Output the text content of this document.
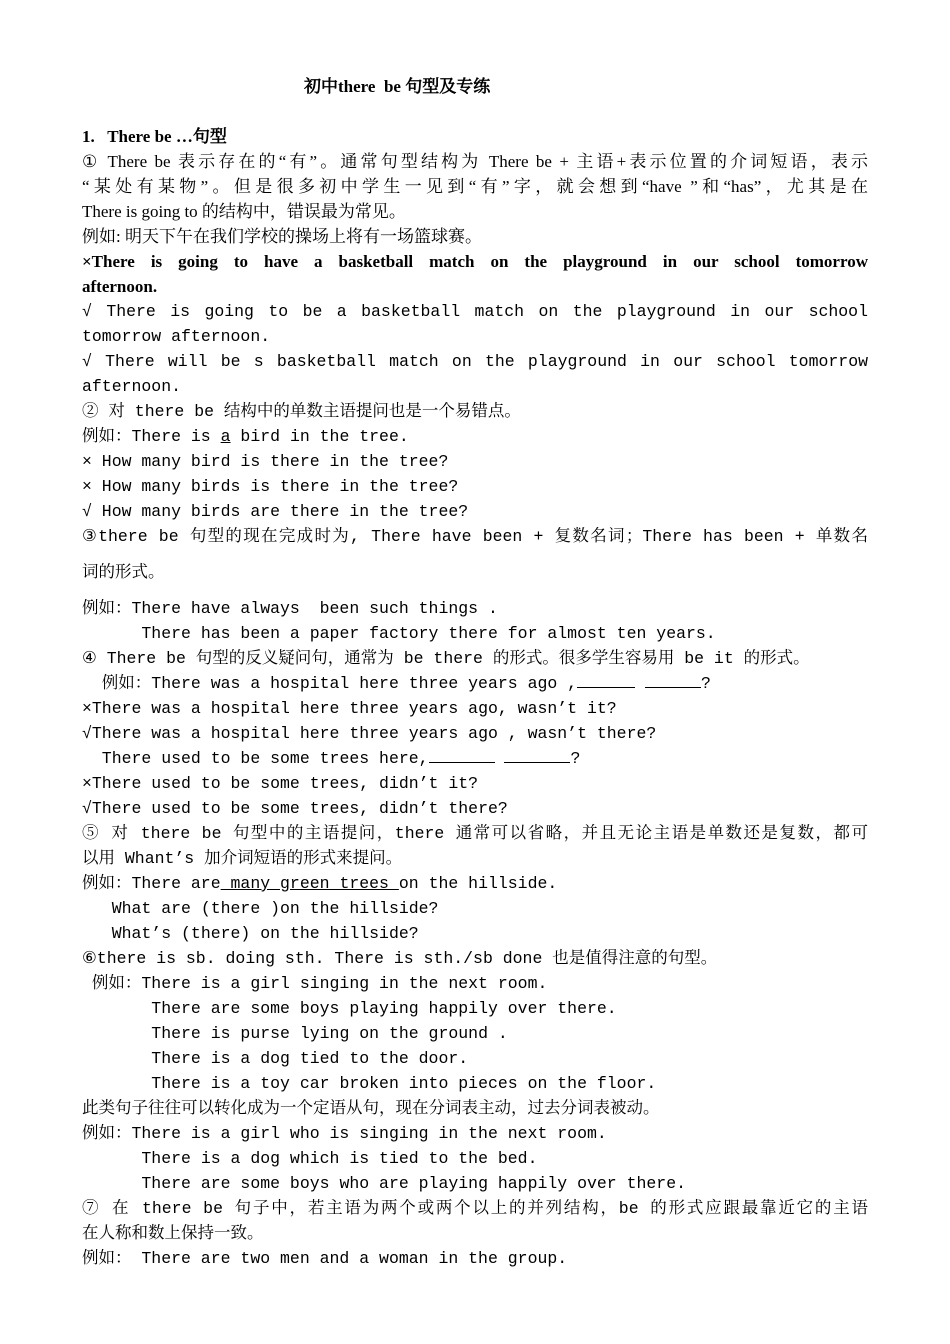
初中there  be 句型及专练
1.   There be …句型
① There be 表示存在的“有”。通常句型结构为 There be + 主语+表示位置的介词短语，表示
“某处有某物”。但是很多初中学生一见到“有”字，就会想到“have ”和“has”，尤其是在
There is going to 的结构中，错误最为常见。
例如: 明天下午在我们学校的操场上将有一场篮球赛。
×There is going to have a basketball match on the playground in our school tomorrow
afternoon.
√ There is going to be a basketball match on the playground in our school
tomorrow afternoon.
√ There will be s basketball match on the playground in our school tomorrow
afternoon.
② 对 there be 结构中的单数主语提问也是一个易错点。
例如：There is a bird in the tree.
× How many bird is there in the tree?
× How many birds is there in the tree?
√ How many birds are there in the tree?
③there be 句型的现在完成时为, There have been + 复数名词；There has been + 单数名
词的形式。
例如：There have always  been such things .
There has been a paper factory there for almost ten years.
④ There be 句型的反义疑问句，通常为 be there 的形式。很多学生容易用 be it 的形式。
例如：There was a hospital here three years ago ,	?
×There was a hospital here three years ago, wasn’t it?
√There was a hospital here three years ago , wasn’t there?
There used to be some trees here,	?
×There used to be some trees, didn’t it?
√There used to be some trees, didn’t there?
⑤ 对 there be 句型中的主语提问，there 通常可以省略，并且无论主语是单数还是复数，都可
以用 Whant’s 加介词短语的形式来提问。
例如：There are many green trees on the hillside.
What are (there )on the hillside?
What’s (there) on the hillside?
⑥there is sb. doing sth. There is sth./sb done 也是值得注意的句型。
例如：There is a girl singing in the next room.
There are some boys playing happily over there.
There is purse lying on the ground .
There is a dog tied to the door.
There is a toy car broken into pieces on the floor.
此类句子往往可以转化成为一个定语从句，现在分词表主动，过去分词表被动。
例如：There is a girl who is singing in the next room.
There is a dog which is tied to the bed.
There are some boys who are playing happily over there.
⑦ 在 there be 句子中，若主语为两个或两个以上的并列结构，be 的形式应跟最靠近它的主语
在人称和数上保持一致。
例如： There are two men and a woman in the group.
